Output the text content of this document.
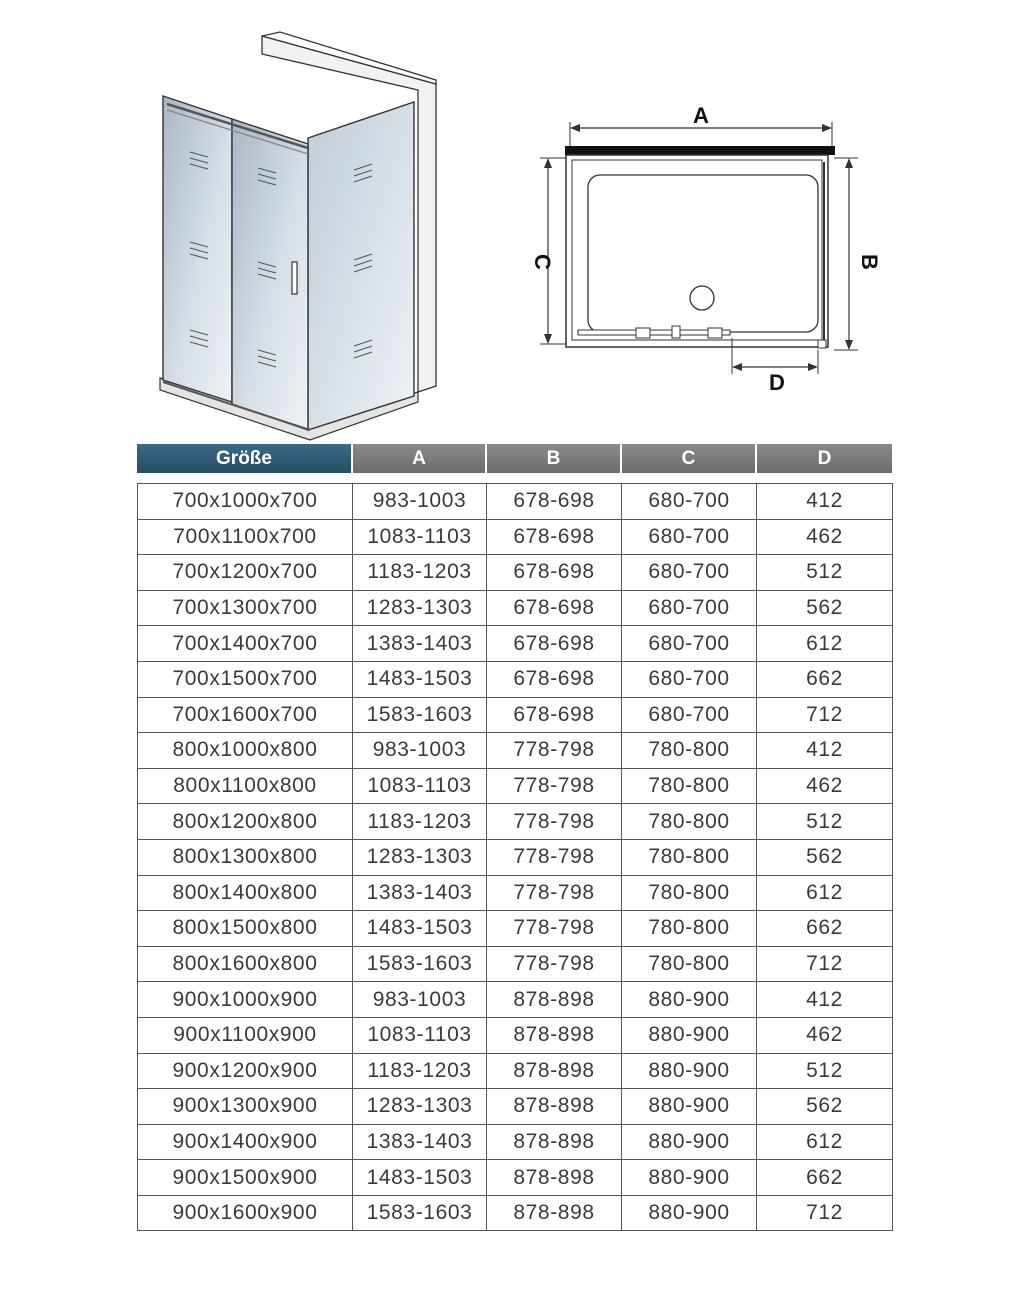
A
C	B
D
Größe	A	B	C	D
700x1000x700	983-1003	678-698	680-700	412
700x1100x700	1083-1103	678-698	680-700	462
700x1200x700	1183-1203	678-698	680-700	512
700x1300x700	1283-1303	678-698	680-700	562
700x1400x700	1383-1403	678-698	680-700	612
700x1500x700	1483-1503	678-698	680-700	662
700x1600x700	1583-1603	678-698	680-700	712
800x1000x800	983-1003	778-798	780-800	412
800x1100x800	1083-1103	778-798	780-800	462
800x1200x800	1183-1203	778-798	780-800	512
800x1300x800	1283-1303	778-798	780-800	562
800x1400x800	1383-1403	778-798	780-800	612
800x1500x800	1483-1503	778-798	780-800	662
800x1600x800	1583-1603	778-798	780-800	712
900x1000x900	983-1003	878-898	880-900	412
900x1100x900	1083-1103	878-898	880-900	462
900x1200x900	1183-1203	878-898	880-900	512
900x1300x900	1283-1303	878-898	880-900	562
900x1400x900	1383-1403	878-898	880-900	612
900x1500x900	1483-1503	878-898	880-900	662
900x1600x900	1583-1603	878-898	880-900	712
